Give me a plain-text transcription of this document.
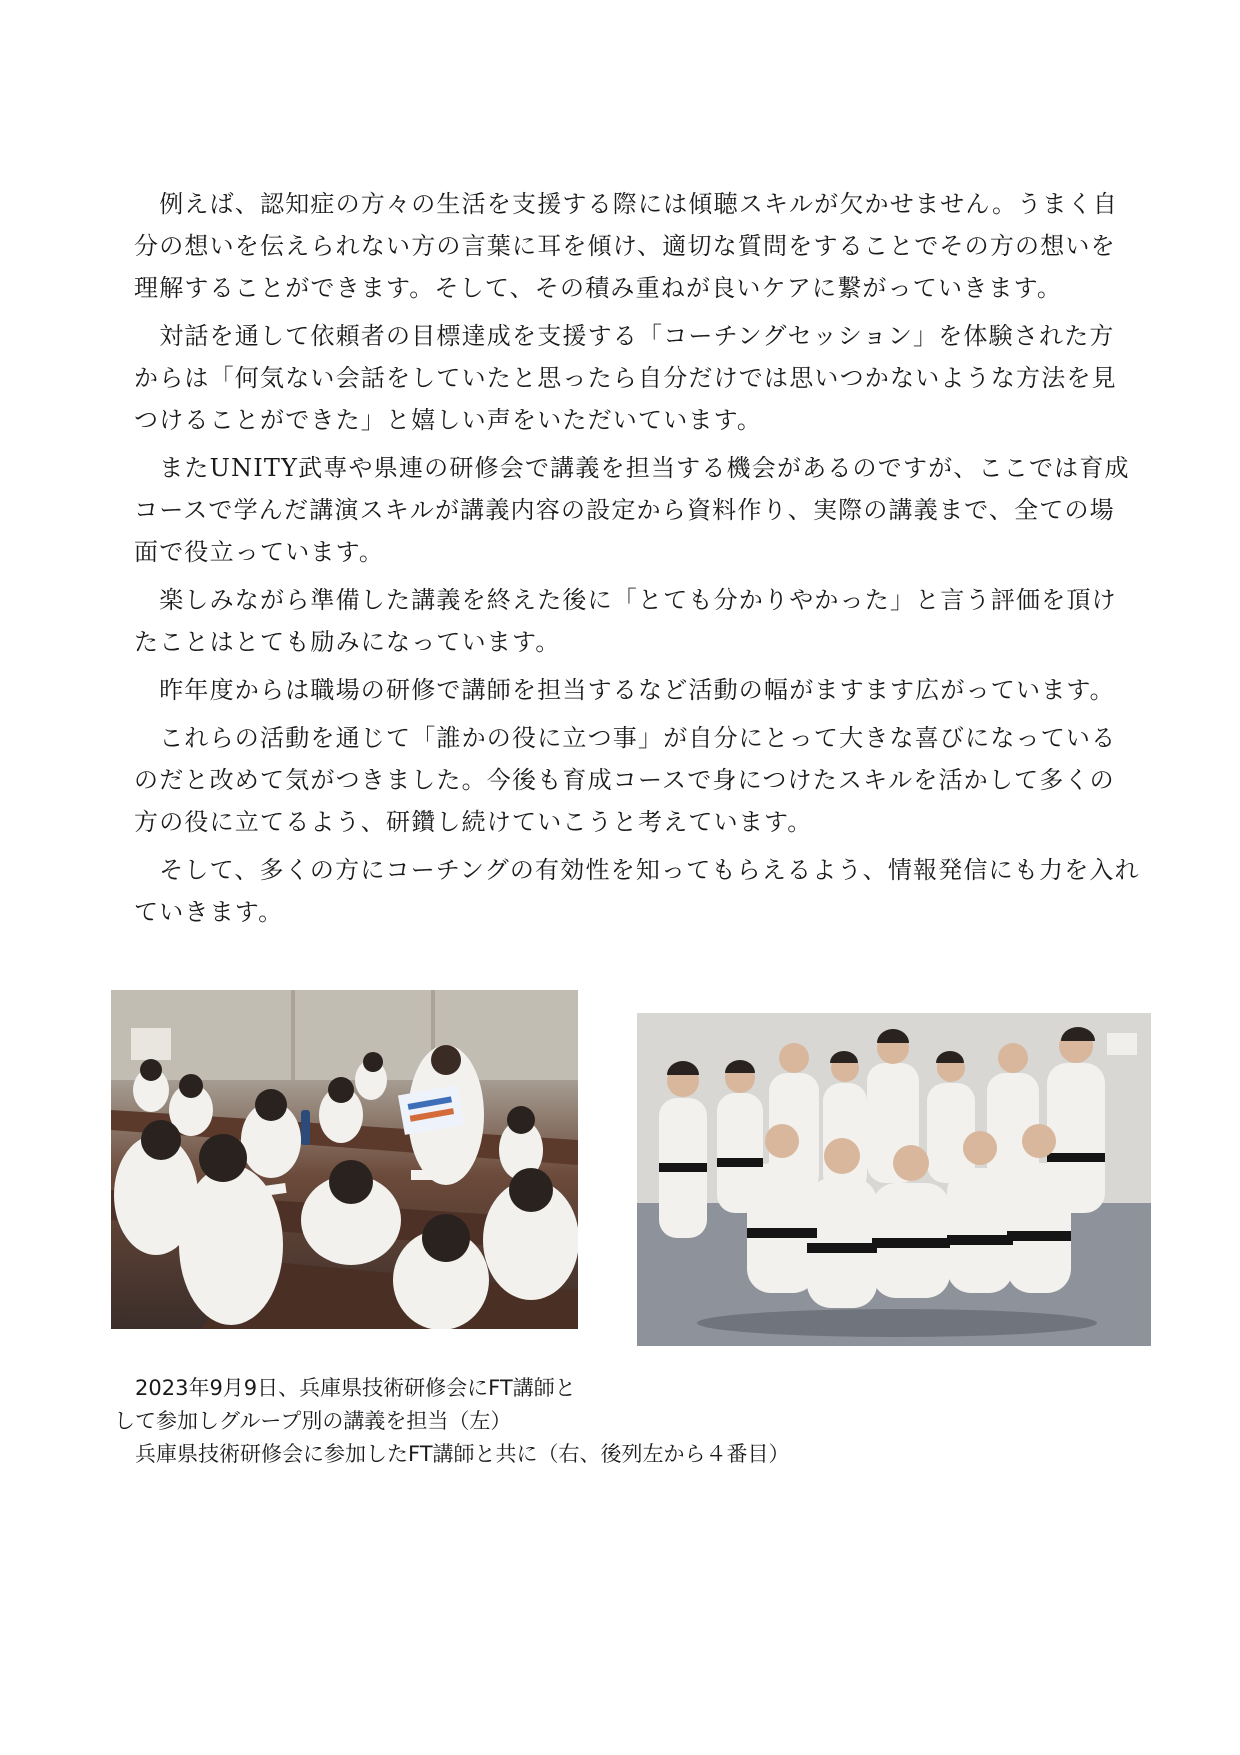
　例えば、認知症の方々の生活を支援する際には傾聴スキルが欠かせません。うまく自
分の想いを伝えられない方の言葉に耳を傾け、適切な質問をすることでその方の想いを
理解することができます。そして、その積み重ねが良いケアに繋がっていきます。

　対話を通して依頼者の目標達成を支援する「コーチングセッション」を体験された方
からは「何気ない会話をしていたと思ったら自分だけでは思いつかないような方法を見
つけることができた」と嬉しい声をいただいています。

　またUNITY武専や県連の研修会で講義を担当する機会があるのですが、ここでは育成
コースで学んだ講演スキルが講義内容の設定から資料作り、実際の講義まで、全ての場
面で役立っています。

　楽しみながら準備した講義を終えた後に「とても分かりやかった」と言う評価を頂け
たことはとても励みになっています。

　昨年度からは職場の研修で講師を担当するなど活動の幅がますます広がっています。

　これらの活動を通じて「誰かの役に立つ事」が自分にとって大きな喜びになっている
のだと改めて気がつきました。今後も育成コースで身につけたスキルを活かして多くの
方の役に立てるよう、研鑽し続けていこうと考えています。

　そして、多くの方にコーチングの有効性を知ってもらえるよう、情報発信にも力を入れ
ていきます。

　2023年9月9日、兵庫県技術研修会にFT講師と
して参加しグループ別の講義を担当（左）
　兵庫県技術研修会に参加したFT講師と共に（右、後列左から４番目）
